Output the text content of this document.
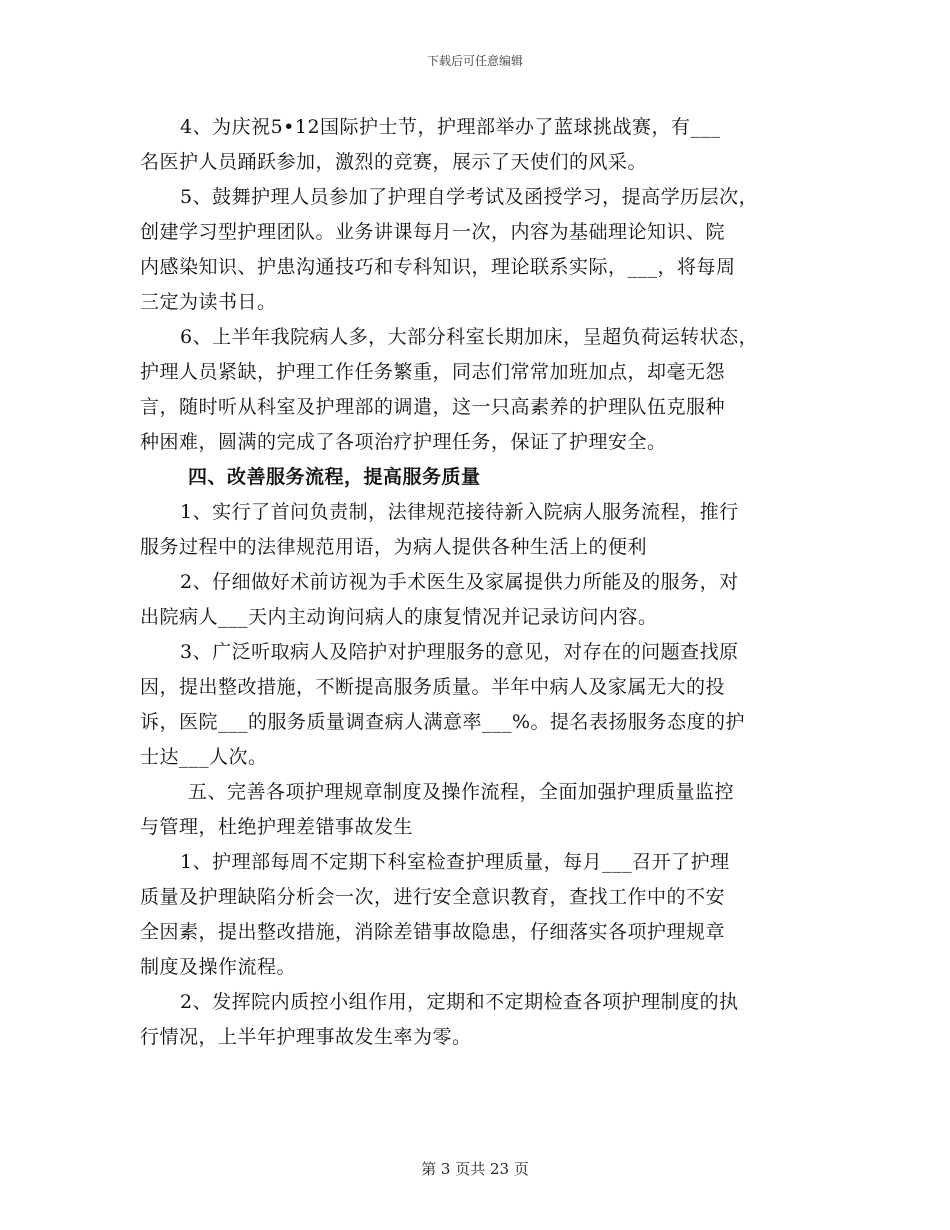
下载后可任意编辑

4、为庆祝5•12国际护士节，护理部举办了蓝球挑战赛，有___
名医护人员踊跃参加，激烈的竞赛，展示了天使们的风采。

5、鼓舞护理人员参加了护理自学考试及函授学习，提高学历层次，
创建学习型护理团队。业务讲课每月一次，内容为基础理论知识、院
内感染知识、护患沟通技巧和专科知识，理论联系实际，___，将每周
三定为读书日。

6、上半年我院病人多，大部分科室长期加床，呈超负荷运转状态，
护理人员紧缺，护理工作任务繁重，同志们常常加班加点，却毫无怨
言，随时听从科室及护理部的调遣，这一只高素养的护理队伍克服种
种困难，圆满的完成了各项治疗护理任务，保证了护理安全。

四、改善服务流程，提高服务质量

1、实行了首问负责制，法律规范接待新入院病人服务流程，推行
服务过程中的法律规范用语，为病人提供各种生活上的便利

2、仔细做好术前访视为手术医生及家属提供力所能及的服务，对
出院病人___天内主动询问病人的康复情况并记录访问内容。

3、广泛听取病人及陪护对护理服务的意见，对存在的问题查找原
因，提出整改措施，不断提高服务质量。半年中病人及家属无大的投
诉，医院___的服务质量调查病人满意率___%。提名表扬服务态度的护
士达___人次。

五、完善各项护理规章制度及操作流程，全面加强护理质量监控
与管理，杜绝护理差错事故发生

1、护理部每周不定期下科室检查护理质量，每月___召开了护理
质量及护理缺陷分析会一次，进行安全意识教育，查找工作中的不安
全因素，提出整改措施，消除差错事故隐患，仔细落实各项护理规章
制度及操作流程。

2、发挥院内质控小组作用，定期和不定期检查各项护理制度的执
行情况，上半年护理事故发生率为零。

第 3 页共 23 页
